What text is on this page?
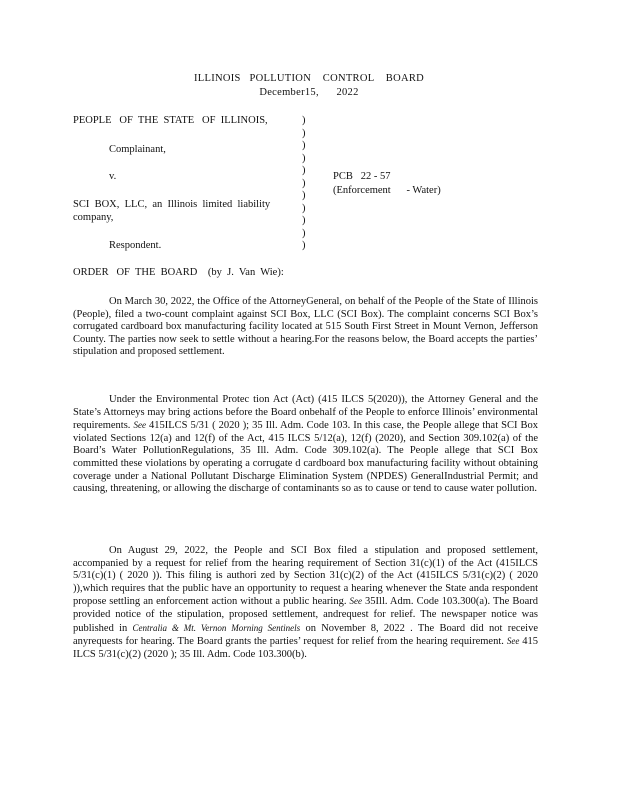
ILLINOIS   POLLUTION    CONTROL    BOARD
December15,      2022
PEOPLE   OF  THE  STATE   OF  ILLINOIS,
Complainant,
v.
SCI  BOX,  LLC,  an  Illinois  limited  liability
company,
Respondent.
)
)
)
)
)
)
)
)
)
)
)
PCB   22 - 57
(Enforcement      - Water)
ORDER   OF  THE  BOARD    (by  J.  Van  Wie):

On March 30, 2022, the Office of the AttorneyGeneral, on behalf of the People of the State of Illinois (People), filed a two-count complaint against SCI Box, LLC (SCI Box). The complaint concerns SCI Box’s corrugated cardboard box manufacturing facility located at 515 South First Street in Mount Vernon, Jefferson County. The parties now seek to settle without a hearing.For the reasons below, the Board accepts the parties’ stipulation and proposed settlement.

Under the Environmental Protec tion Act (Act) (415 ILCS 5(2020)), the Attorney General and the State’s Attorneys may bring actions before the Board onbehalf of the People to enforce Illinois’ environmental requirements. See 415ILCS 5/31 ( 2020 ); 35 Ill. Adm. Code 103. In this case, the People allege that SCI Box violated Sections 12(a) and 12(f) of the Act, 415 ILCS 5/12(a), 12(f) (2020), and Section 309.102(a) of the Board’s Water PollutionRegulations, 35 Ill. Adm. Code 309.102(a). The People allege that SCI Box committed these violations by operating a corrugate d cardboard box manufacturing facility without obtaining coverage under a National Pollutant Discharge Elimination System (NPDES) GeneralIndustrial Permit; and causing, threatening, or allowing the discharge of contaminants so as to cause or tend to cause water pollution.

On August 29, 2022, the People and SCI Box filed a stipulation and proposed settlement, accompanied by a request for relief from the hearing requirement of Section 31(c)(1) of the Act (415ILCS 5/31(c)(1) ( 2020 )). This filing is authori zed by Section 31(c)(2) of the Act (415ILCS 5/31(c)(2) ( 2020 )),which requires that the public have an opportunity to request a hearing whenever the State anda respondent propose settling an enforcement action without a public hearing. See 35Ill. Adm. Code 103.300(a). The Board provided notice of the stipulation, proposed settlement, andrequest for relief. The newspaper notice was published in Centralia & Mt. Vernon Morning Sentinels on November 8, 2022 . The Board did not receive anyrequests for hearing. The Board grants the parties’ request for relief from the hearing requirement. See 415 ILCS 5/31(c)(2) (2020 ); 35 Ill. Adm. Code 103.300(b).
